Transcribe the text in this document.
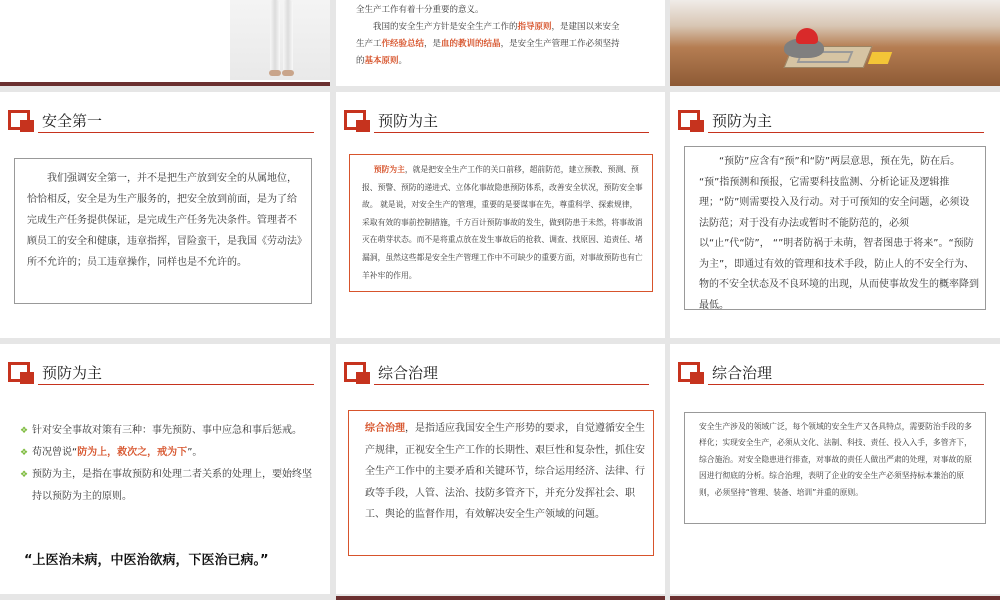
全生产工作有着十分重要的意义。
我国的安全生产方针是安全生产工作的指导原则，是建国以来安全
生产工作经验总结，是血的教训的结晶，是安全生产管理工作必须坚持
的基本原则。
安全第一

我们强调安全第一，并不是把生产放到安全的从属地位，恰恰相反，安全是为生产服务的，把安全放到前面，是为了给完成生产任务提供保证，是完成生产任务先决条件。管理者不顾员工的安全和健康，违章指挥，冒险蛮干，是我国《劳动法》所不允许的；员工违章操作，同样也是不允许的。

预防为主

预防为主，就是把安全生产工作的关口前移，超前防范，建立预教、预测、预报、预警、预防的递进式、立体化事故隐患预防体系，改善安全状况，预防安全事故。 就是说，对安全生产的管理，重要的是要谋事在先，尊重科学、探索规律，采取有效的事前控制措施，千方百计预防事故的发生，做到防患于未然，将事故消灭在萌芽状态。而不是将重点放在发生事故后的抢救、调查、找原因、追责任、堵漏洞，虽然这些都是安全生产管理工作中不可缺少的重要方面，对事故预防也有亡羊补牢的作用。

预防为主

“预防”应含有“预”和“防”两层意思，预在先，防在后。 “预”指预测和预报，它需要科技监测、分析论证及逻辑推理；“防”则需要投入及行动。对于可预知的安全问题，必须设法防范；对于没有办法或暂时不能防范的，必须以“止”代“防”， “”明者防祸于未萌，智者图患于将来”。“预防为主”，即通过有效的管理和技术手段，防止人的不安全行为、物的不安全状态及不良环境的出现，从而使事故发生的概率降到最低。

预防为主
❖ 针对安全事故对策有三种：事先预防、事中应急和事后惩戒。
❖ 荀况曾说“防为上，救次之，戒为下”。
❖ 预防为主，是指在事故预防和处理二者关系的处理上，要始终坚持以预防为主的原则。
“上医治未病，中医治欲病，下医治已病。”
综合治理

综合治理，是指适应我国安全生产形势的要求，自觉遵循安全生产规律，正视安全生产工作的长期性、艰巨性和复杂性，抓住安全生产工作中的主要矛盾和关键环节，综合运用经济、法律、行政等手段，人管、法治、技防多管齐下，并充分发挥社会、职工、舆论的监督作用，有效解决安全生产领域的问题。

综合治理

安全生产涉及的领域广泛，每个领域的安全生产又各具特点，需要防治手段的多样化；实现安全生产，必须从文化、法制、科技、责任、投入入手，多管齐下，综合施治。对安全隐患进行排查，对事故的责任人做出严肃的处理，对事故的原因进行彻底的分析。综合治理，表明了企业的安全生产必须坚持标本兼治的原则，必须坚持“管理、装备、培训”并重的原则。
